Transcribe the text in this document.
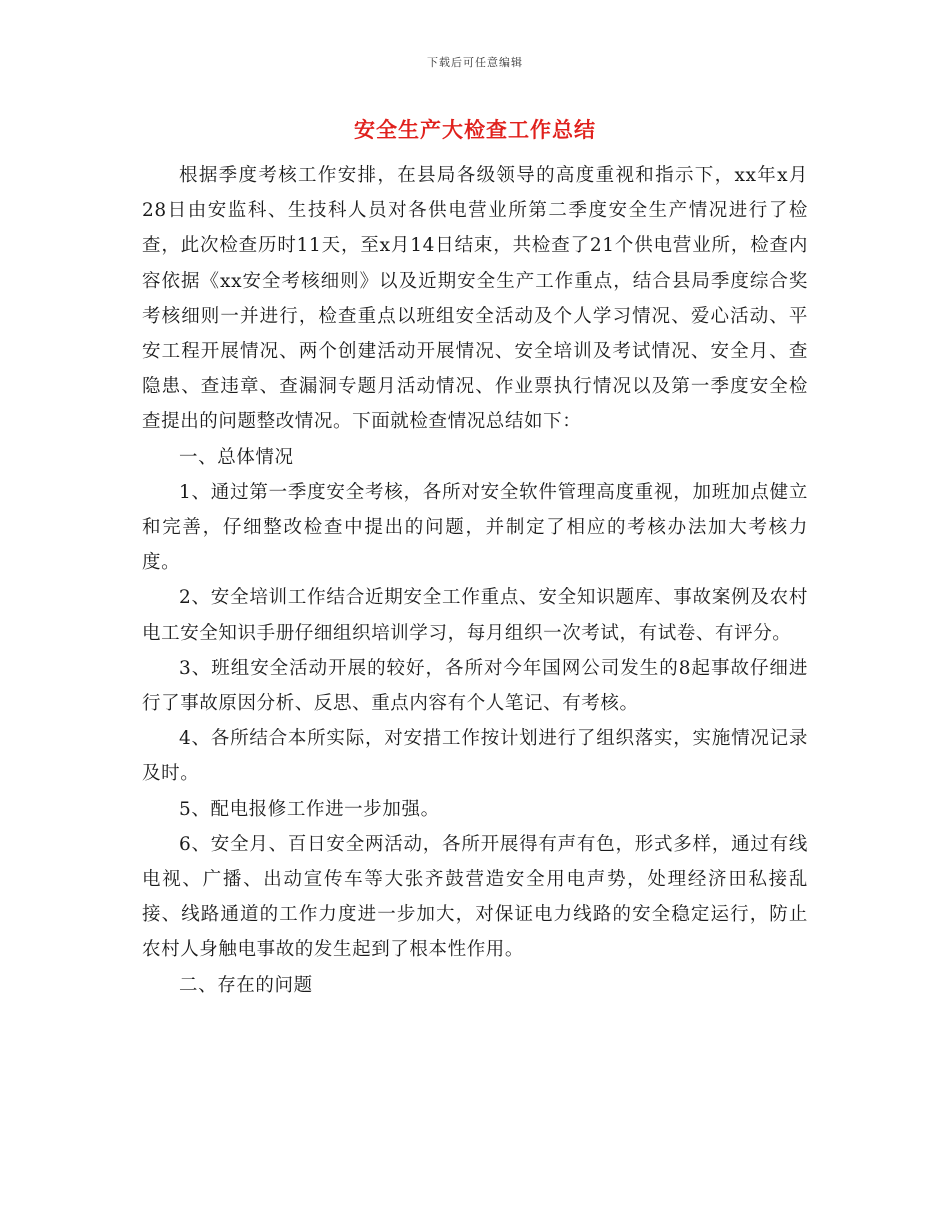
下载后可任意编辑
安全生产大检查工作总结

根据季度考核工作安排，在县局各级领导的高度重视和指示下，xx年x月28日由安监科、生技科人员对各供电营业所第二季度安全生产情况进行了检查，此次检查历时11天，至x月14日结束，共检查了21个供电营业所，检查内容依据《xx安全考核细则》以及近期安全生产工作重点，结合县局季度综合奖考核细则一并进行，检查重点以班组安全活动及个人学习情况、爱心活动、平安工程开展情况、两个创建活动开展情况、安全培训及考试情况、安全月、查隐患、查违章、查漏洞专题月活动情况、作业票执行情况以及第一季度安全检查提出的问题整改情况。下面就检查情况总结如下：

一、总体情况

1、通过第一季度安全考核，各所对安全软件管理高度重视，加班加点健立和完善，仔细整改检查中提出的问题，并制定了相应的考核办法加大考核力度。

2、安全培训工作结合近期安全工作重点、安全知识题库、事故案例及农村电工安全知识手册仔细组织培训学习，每月组织一次考试，有试卷、有评分。

3、班组安全活动开展的较好，各所对今年国网公司发生的8起事故仔细进行了事故原因分析、反思、重点内容有个人笔记、有考核。

4、各所结合本所实际，对安措工作按计划进行了组织落实，实施情况记录及时。

5、配电报修工作进一步加强。

6、安全月、百日安全两活动，各所开展得有声有色，形式多样，通过有线电视、广播、出动宣传车等大张齐鼓营造安全用电声势，处理经济田私接乱接、线路通道的工作力度进一步加大，对保证电力线路的安全稳定运行，防止农村人身触电事故的发生起到了根本性作用。

二、存在的问题
